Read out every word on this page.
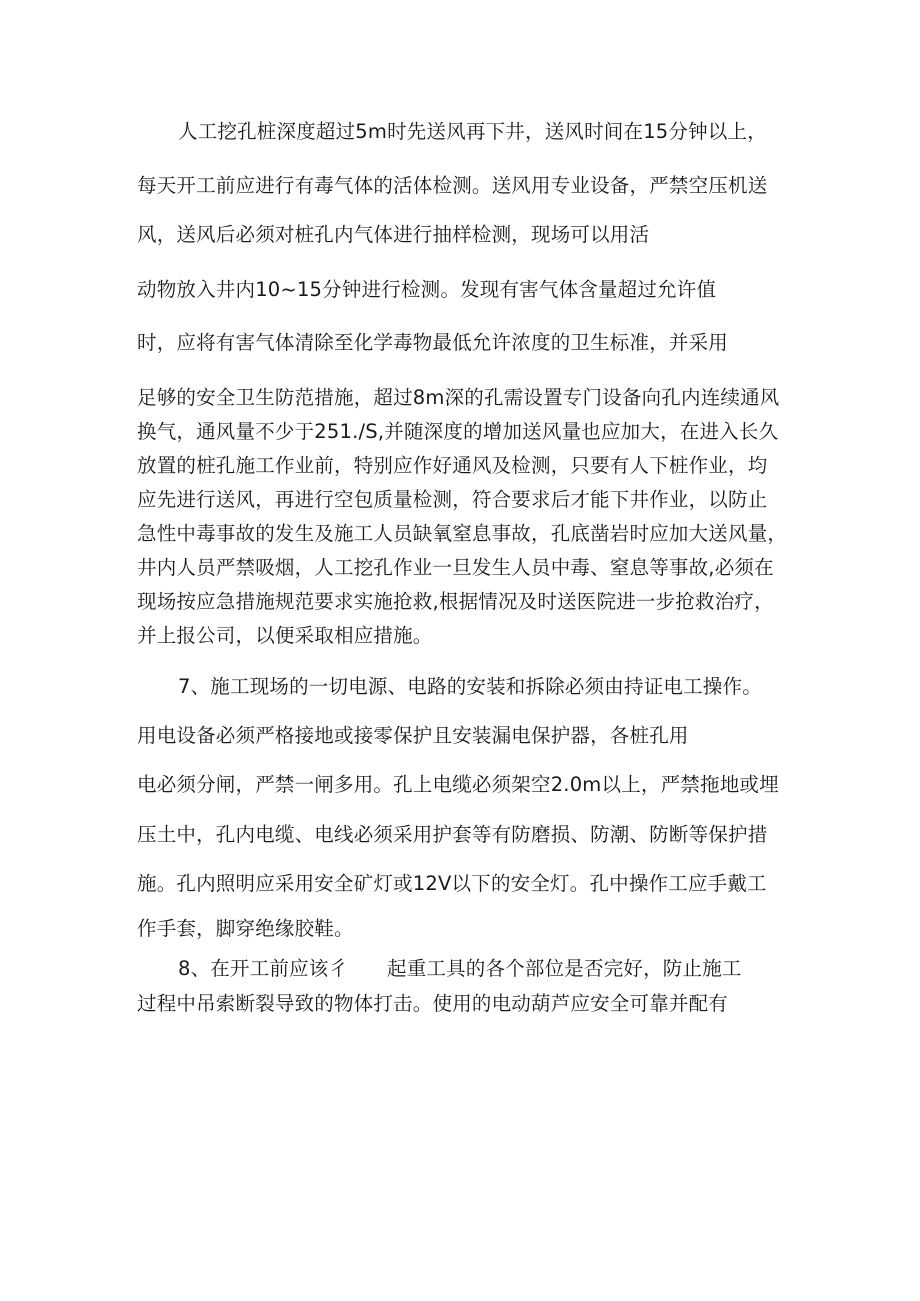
人工挖孔桩深度超过5m时先送风再下井，送风时间在15分钟以上，
每天开工前应进行有毒气体的活体检测。送风用专业设备，严禁空压机送
风，送风后必须对桩孔内气体进行抽样检测，现场可以用活
动物放入井内10~15分钟进行检测。发现有害气体含量超过允许值
时，应将有害气体清除至化学毒物最低允许浓度的卫生标准，并采用
足够的安全卫生防范措施，超过8m深的孔需设置专门设备向孔内连续通风
换气，通风量不少于251./S,并随深度的增加送风量也应加大，在进入长久
放置的桩孔施工作业前，特别应作好通风及检测，只要有人下桩作业，均
应先进行送风，再进行空包质量检测，符合要求后才能下井作业，以防止
急性中毒事故的发生及施工人员缺氧窒息事故，孔底凿岩时应加大送风量，
井内人员严禁吸烟，人工挖孔作业一旦发生人员中毒、窒息等事故,必须在
现场按应急措施规范要求实施抢救,根据情况及时送医院进一步抢救治疗，
并上报公司，以便采取相应措施。
7、施工现场的一切电源、电路的安装和拆除必须由持证电工操作。
用电设备必须严格接地或接零保护且安装漏电保护器，各桩孔用
电必须分闸，严禁一闸多用。孔上电缆必须架空2.0m以上，严禁拖地或埋
压土中，孔内电缆、电线必须采用护套等有防磨损、防潮、防断等保护措
施。孔内照明应采用安全矿灯或12V以下的安全灯。孔中操作工应手戴工
作手套，脚穿绝缘胶鞋。
8、在开工前应该彳 起重工具的各个部位是否完好，防止施工
过程中吊索断裂导致的物体打击。使用的电动葫芦应安全可靠并配有
